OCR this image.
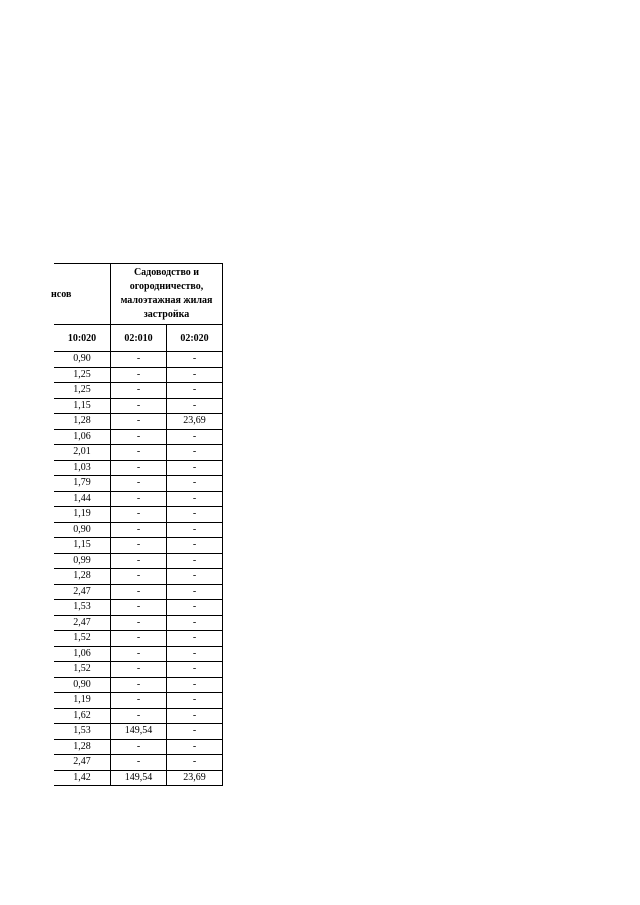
нсов	Садоводство и огородничество, малоэтажная жилая застройка	
10:020	02:010	02:020
0,90	-	-
1,25	-	-
1,25	-	-
1,15	-	-
1,28	-	23,69
1,06	-	-
2,01	-	-
1,03	-	-
1,79	-	-
1,44	-	-
1,19	-	-
0,90	-	-
1,15	-	-
0,99	-	-
1,28	-	-
2,47	-	-
1,53	-	-
2,47	-	-
1,52	-	-
1,06	-	-
1,52	-	-
0,90	-	-
1,19	-	-
1,62	-	-
1,53	149,54	-
1,28	-	-
2,47	-	-
1,42	149,54	23,69
